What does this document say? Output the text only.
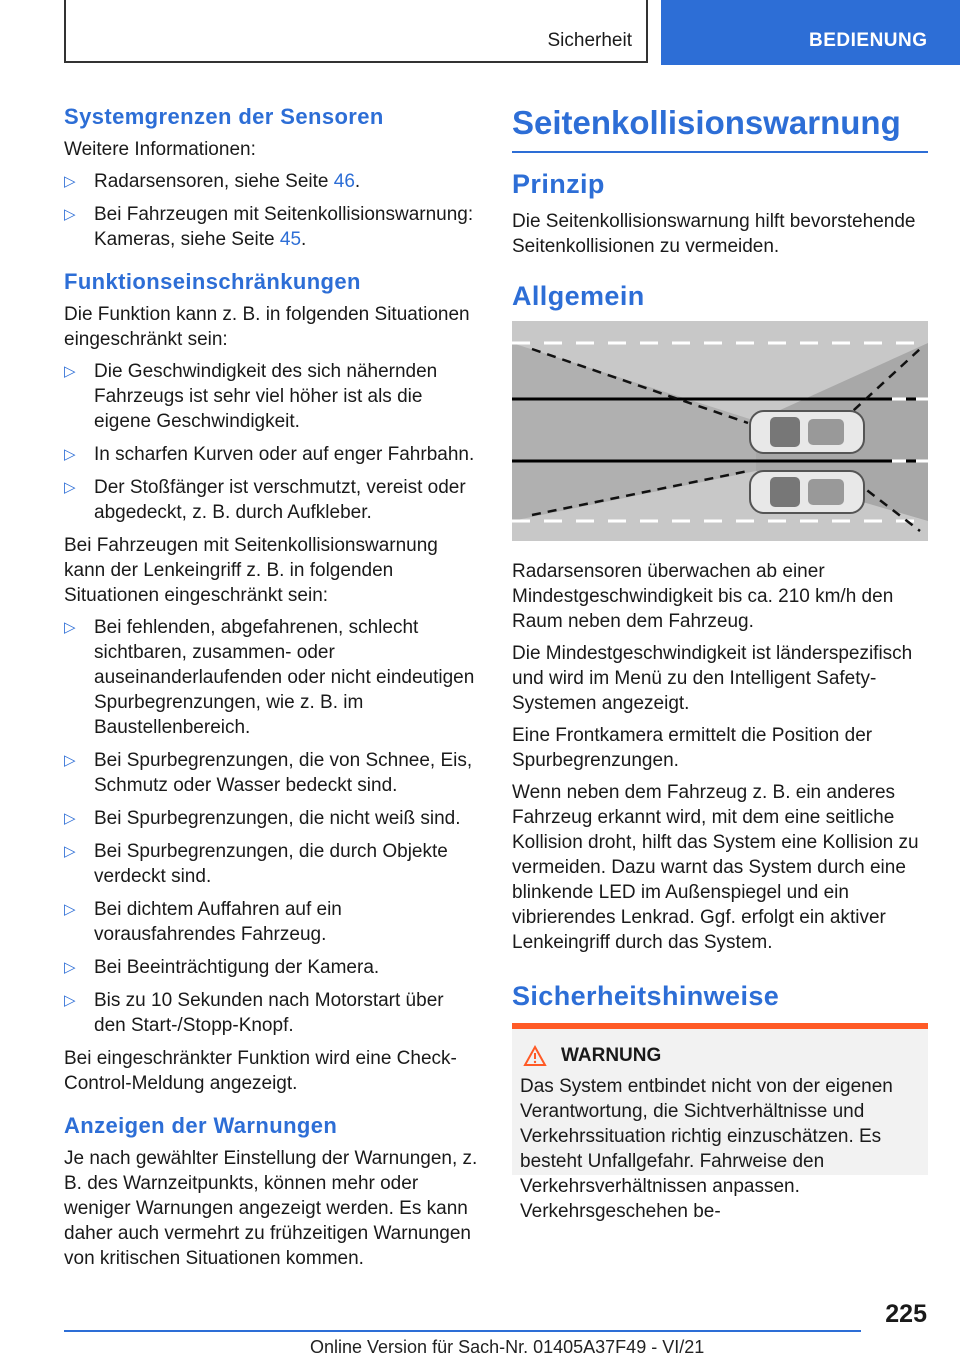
Sicherheit	BEDIENUNG
Systemgrenzen der Sensoren

Weitere Informationen:

▷ Radarsensoren, siehe Seite 46.
▷ Bei Fahrzeugen mit Seitenkollisionswarnung: Kameras, siehe Seite 45.
Funktionseinschränkungen

Die Funktion kann z. B. in folgenden Situationen eingeschränkt sein:

▷ Die Geschwindigkeit des sich nähernden Fahrzeugs ist sehr viel höher ist als die eigene Geschwindigkeit.
▷ In scharfen Kurven oder auf enger Fahrbahn.
▷ Der Stoßfänger ist verschmutzt, vereist oder abgedeckt, z. B. durch Aufkleber.

Bei Fahrzeugen mit Seitenkollisionswarnung kann der Lenkeingriff z. B. in folgenden Situationen eingeschränkt sein:

▷ Bei fehlenden, abgefahrenen, schlecht sichtbaren, zusammen- oder auseinanderlaufenden oder nicht eindeutigen Spurbegrenzungen, wie z. B. im Baustellenbereich.
▷ Bei Spurbegrenzungen, die von Schnee, Eis, Schmutz oder Wasser bedeckt sind.
▷ Bei Spurbegrenzungen, die nicht weiß sind.
▷ Bei Spurbegrenzungen, die durch Objekte verdeckt sind.
▷ Bei dichtem Auffahren auf ein vorausfahrendes Fahrzeug.
▷ Bei Beeinträchtigung der Kamera.
▷ Bis zu 10 Sekunden nach Motorstart über den Start-/Stopp-Knopf.

Bei eingeschränkter Funktion wird eine Check-Control-Meldung angezeigt.

Anzeigen der Warnungen

Je nach gewählter Einstellung der Warnungen, z. B. des Warnzeitpunkts, können mehr oder weniger Warnungen angezeigt werden. Es kann daher auch vermehrt zu frühzeitigen Warnungen von kritischen Situationen kommen.

Seitenkollisionswarnung
Prinzip

Die Seitenkollisionswarnung hilft bevorstehende Seitenkollisionen zu vermeiden.

Allgemein

Radarsensoren überwachen ab einer Mindestgeschwindigkeit bis ca. 210 km/h den Raum neben dem Fahrzeug.

Die Mindestgeschwindigkeit ist länderspezifisch und wird im Menü zu den Intelligent Safety-Systemen angezeigt.

Eine Frontkamera ermittelt die Position der Spurbegrenzungen.

Wenn neben dem Fahrzeug z. B. ein anderes Fahrzeug erkannt wird, mit dem eine seitliche Kollision droht, hilft das System eine Kollision zu vermeiden. Dazu warnt das System durch eine blinkende LED im Außenspiegel und ein vibrierendes Lenkrad. Ggf. erfolgt ein aktiver Lenkeingriff durch das System.

Sicherheitshinweise
WARNUNG
Das System entbindet nicht von der eigenen Verantwortung, die Sichtverhältnisse und Verkehrssituation richtig einzuschätzen. Es besteht Unfallgefahr. Fahrweise den Verkehrsverhältnissen anpassen. Verkehrsgeschehen be-
225
Online Version für Sach-Nr. 01405A37F49 - VI/21
